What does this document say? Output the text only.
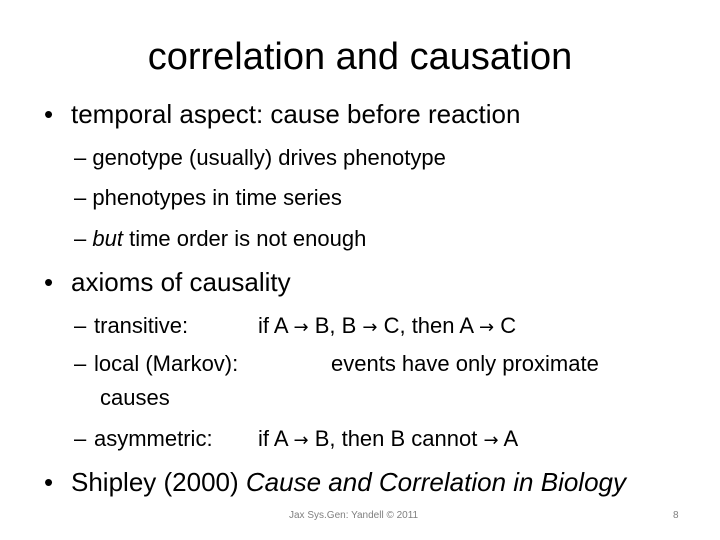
correlation and causation
• temporal aspect: cause before reaction
– genotype (usually) drives phenotype
– phenotypes in time series
– but time order is not enough
• axioms of causality
– transitive:	if A → B, B → C, then A → C
– local (Markov):	events have only proximate
causes
– asymmetric: if A → B, then B cannot → A
• Shipley (2000) Cause and Correlation in Biology
Jax Sys.Gen: Yandell © 2011	8
